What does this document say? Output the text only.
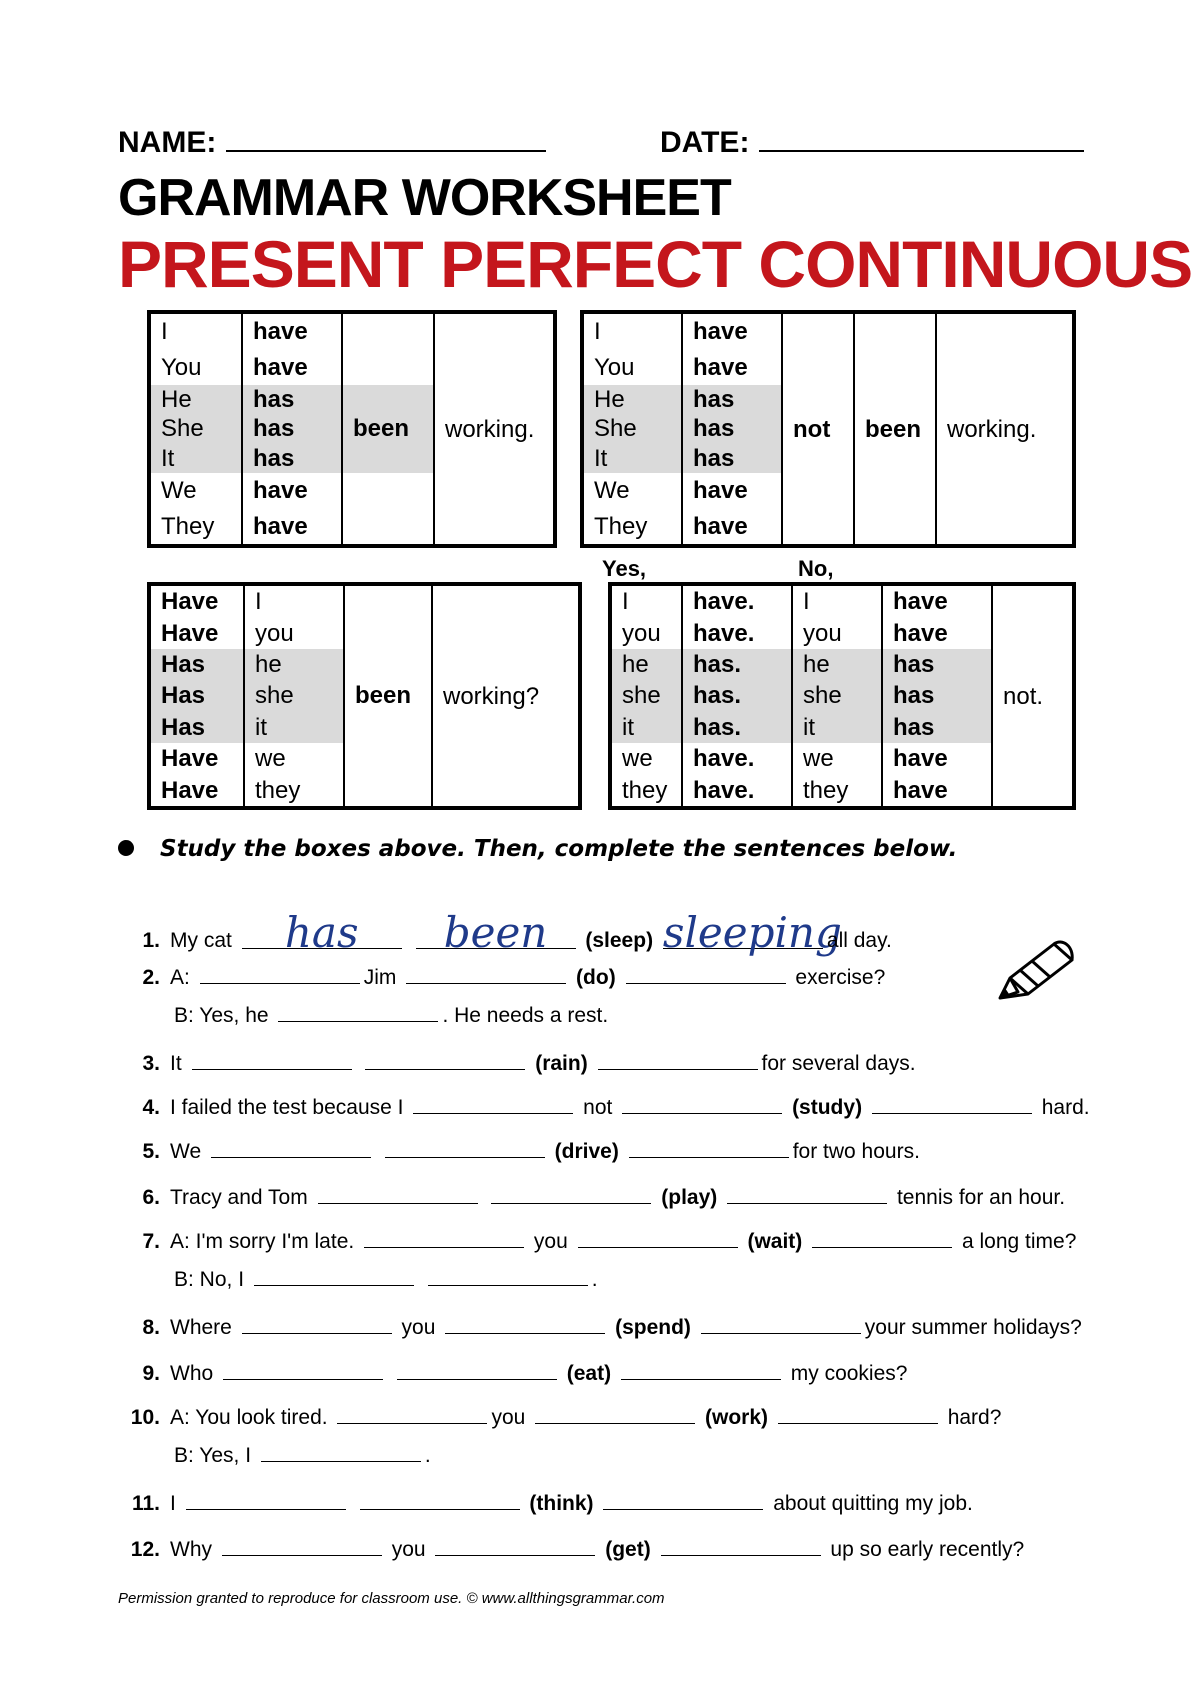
NAME:	DATE:
GRAMMAR WORKSHEET
PRESENT PERFECT CONTINUOUS
I	have		working.
You	have		
He	has	been	
She	has		
It	has		
We	have		
They	have		
I	have	not	been	working.
You	have			
He	has			
She	has			
It	has			
We	have			
They	have			
Yes,	No,
Have	I		working?
Have	you		
Has	he	been	
Has	she		
Has	it		
Have	we		
Have	they		
I	have.	I	have	not.
you	have.	you	have	
he	has.	he	has	
she	has.	she	has	
it	has.	it	has	
we	have.	we	have	
they	have.	they	have	
Study the boxes above. Then, complete the sentences below.
1. My cat has been (sleep) sleepingall day.
2. A:	Jim	(do)	exercise?
B: Yes, he	. He needs a rest.
3. It	(rain)	for several days.
4. I failed the test because I	not	(study)	hard.
5. We	(drive)	for two hours.
6. Tracy and Tom	(play)	tennis for an hour.
7. A: I'm sorry I'm late.	you	(wait)	a long time?
B: No, I	.
8. Where	you	(spend)	your summer holidays?
9. Who	(eat)	my cookies?
10. A: You look tired.	you	(work)	hard?
B: Yes, I	.
11. I	(think)	about quitting my job.
12. Why	you	(get)	up so early recently?
Permission granted to reproduce for classroom use. © www.allthingsgrammar.com
